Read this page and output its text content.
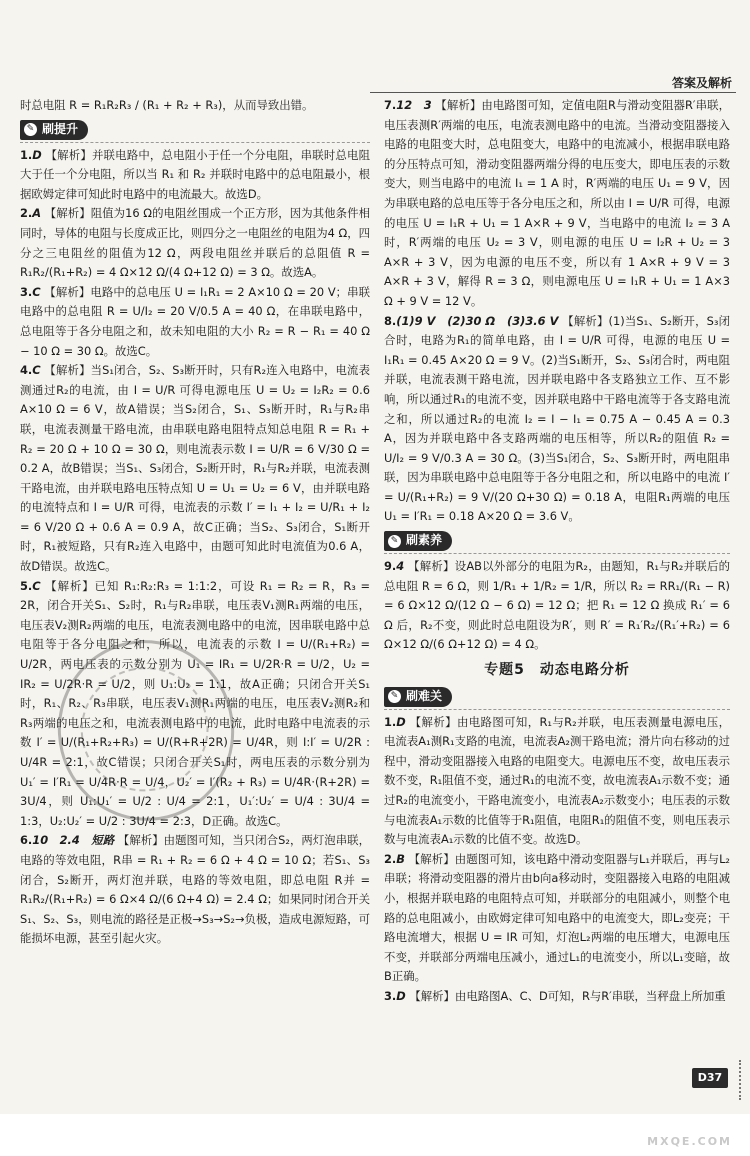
答案及解析

时总电阻 R = R₁R₂R₃ / (R₁ + R₂ + R₃)，从而导致出错。

✎ 刷提升

1.D 【解析】并联电路中，总电阻小于任一个分电阻，串联时总电阻大于任一个分电阻，所以当 R₁ 和 R₂ 并联时电路中的总电阻最小，根据欧姆定律可知此时电路中的电流最大。故选D。

2.A 【解析】阻值为16 Ω的电阻丝围成一个正方形，因为其他条件相同时，导体的电阻与长度成正比，则四分之一电阻丝的电阻为4 Ω，四分之三电阻丝的阻值为12 Ω，两段电阻丝并联后的总阻值 R = R₁R₂/(R₁+R₂) = 4 Ω×12 Ω/(4 Ω+12 Ω) = 3 Ω。故选A。

3.C 【解析】电路中的总电压 U = I₁R₁ = 2 A×10 Ω = 20 V；串联电路中的总电阻 R = U/I₂ = 20 V/0.5 A = 40 Ω，在串联电路中，总电阻等于各分电阻之和，故未知电阻的大小 R₂ = R − R₁ = 40 Ω − 10 Ω = 30 Ω。故选C。

4.C 【解析】当S₁闭合，S₂、S₃断开时，只有R₂连入电路中，电流表测通过R₂的电流，由 I = U/R 可得电源电压 U = U₂ = I₂R₂ = 0.6 A×10 Ω = 6 V，故A错误；当S₂闭合，S₁、S₃断开时，R₁与R₂串联，电流表测量干路电流，由串联电路电阻特点知总电阻 R = R₁ + R₂ = 20 Ω + 10 Ω = 30 Ω，则电流表示数 I = U/R = 6 V/30 Ω = 0.2 A，故B错误；当S₁、S₃闭合，S₂断开时，R₁与R₂并联，电流表测干路电流，由并联电路电压特点知 U = U₁ = U₂ = 6 V，由并联电路的电流特点和 I = U/R 可得，电流表的示数 I′ = I₁ + I₂ = U/R₁ + I₂ = 6 V/20 Ω + 0.6 A = 0.9 A，故C正确；当S₂、S₃闭合，S₁断开时，R₁被短路，只有R₂连入电路中，由题可知此时电流值为0.6 A，故D错误。故选C。

5.C 【解析】已知 R₁:R₂:R₃ = 1:1:2，可设 R₁ = R₂ = R，R₃ = 2R，闭合开关S₁、S₂时，R₁与R₂串联，电压表V₁测R₁两端的电压，电压表V₂测R₂两端的电压，电流表测电路中的电流，因串联电路中总电阻等于各分电阻之和，所以，电流表的示数 I = U/(R₁+R₂) = U/2R，两电压表的示数分别为 U₁ = IR₁ = U/2R·R = U/2，U₂ = IR₂ = U/2R·R = U/2，则 U₁:U₂ = 1:1，故A正确；只闭合开关S₁时，R₁、R₂、R₃串联，电压表V₁测R₁两端的电压，电压表V₂测R₂和R₃两端的电压之和，电流表测电路中的电流，此时电路中电流表的示数 I′ = U/(R₁+R₂+R₃) = U/(R+R+2R) = U/4R，则 I:I′ = U/2R : U/4R = 2:1，故C错误；只闭合开关S₁时，两电压表的示数分别为 U₁′ = I′R₁ = U/4R·R = U/4，U₂′ = I′(R₂ + R₃) = U/4R·(R+2R) = 3U/4，则 U₁:U₁′ = U/2 : U/4 = 2:1，U₁′:U₂′ = U/4 : 3U/4 = 1:3，U₂:U₂′ = U/2 : 3U/4 = 2:3，D正确。故选C。

6.10　2.4　短路 【解析】由题图可知，当只闭合S₂，两灯泡串联，电路的等效电阻，R串 = R₁ + R₂ = 6 Ω + 4 Ω = 10 Ω；若S₁、S₃闭合，S₂断开，两灯泡并联，电路的等效电阻，即总电阻 R并 = R₁R₂/(R₁+R₂) = 6 Ω×4 Ω/(6 Ω+4 Ω) = 2.4 Ω；如果同时闭合开关S₁、S₂、S₃，则电流的路径是正极→S₃→S₂→负极，造成电源短路，可能损坏电源，甚至引起火灾。

7.12　3 【解析】由电路图可知，定值电阻R与滑动变阻器R′串联，电压表测R′两端的电压，电流表测电路中的电流。当滑动变阻器接入电路的电阻变大时，总电阻变大，电路中的电流减小，根据串联电路的分压特点可知，滑动变阻器两端分得的电压变大，即电压表的示数变大，则当电路中的电流 I₁ = 1 A 时，R′两端的电压 U₁ = 9 V，因为串联电路的总电压等于各分电压之和，所以由 I = U/R 可得，电源的电压 U = I₁R + U₁ = 1 A×R + 9 V，当电路中的电流 I₂ = 3 A 时，R′两端的电压 U₂ = 3 V，则电源的电压 U = I₂R + U₂ = 3 A×R + 3 V，因为电源的电压不变，所以有 1 A×R + 9 V = 3 A×R + 3 V，解得 R = 3 Ω，则电源电压 U = I₁R + U₁ = 1 A×3 Ω + 9 V = 12 V。

8.(1)9 V　(2)30 Ω　(3)3.6 V 【解析】(1)当S₁、S₂断开，S₃闭合时，电路为R₁的简单电路，由 I = U/R 可得，电源的电压 U = I₁R₁ = 0.45 A×20 Ω = 9 V。(2)当S₁断开，S₂、S₃闭合时，两电阻并联，电流表测干路电流，因并联电路中各支路独立工作、互不影响，所以通过R₁的电流不变，因并联电路中干路电流等于各支路电流之和，所以通过R₂的电流 I₂ = I − I₁ = 0.75 A − 0.45 A = 0.3 A，因为并联电路中各支路两端的电压相等，所以R₂的阻值 R₂ = U/I₂ = 9 V/0.3 A = 30 Ω。(3)当S₁闭合，S₂、S₃断开时，两电阻串联，因为串联电路中总电阻等于各分电阻之和，所以电路中的电流 I′ = U/(R₁+R₂) = 9 V/(20 Ω+30 Ω) = 0.18 A，电阻R₁两端的电压 U₁ = I′R₁ = 0.18 A×20 Ω = 3.6 V。

✎ 刷素养

9.4 【解析】设AB以外部分的电阻为R₂，由题知，R₁与R₂并联后的总电阻 R = 6 Ω，则 1/R₁ + 1/R₂ = 1/R，所以 R₂ = RR₁/(R₁ − R) = 6 Ω×12 Ω/(12 Ω − 6 Ω) = 12 Ω；把 R₁ = 12 Ω 换成 R₁′ = 6 Ω 后，R₂不变，则此时总电阻设为R′，则 R′ = R₁′R₂/(R₁′+R₂) = 6 Ω×12 Ω/(6 Ω+12 Ω) = 4 Ω。

专题5　动态电路分析
✎ 刷难关

1.D 【解析】由电路图可知，R₁与R₂并联，电压表测量电源电压，电流表A₁测R₁支路的电流，电流表A₂测干路电流；滑片向右移动的过程中，滑动变阻器接入电路的电阻变大。电源电压不变，故电压表示数不变，R₁阻值不变，通过R₁的电流不变，故电流表A₁示数不变；通过R₂的电流变小，干路电流变小，电流表A₂示数变小；电压表的示数与电流表A₁示数的比值等于R₁阻值，电阻R₁的阻值不变，则电压表示数与电流表A₁示数的比值不变。故选D。

2.B 【解析】由题图可知，该电路中滑动变阻器与L₁并联后，再与L₂串联；将滑动变阻器的滑片由b向a移动时，变阻器接入电路的电阻减小，根据并联电路的电阻特点可知，并联部分的电阻减小，则整个电路的总电阻减小，由欧姆定律可知电路中的电流变大，即L₂变亮；干路电流增大，根据 U = IR 可知，灯泡L₂两端的电压增大，电源电压不变，并联部分两端电压减小，通过L₁的电流变小，所以L₁变暗，故B正确。

3.D 【解析】由电路图A、C、D可知，R与R′串联，当秤盘上所加重

D37
MXQE.COM
